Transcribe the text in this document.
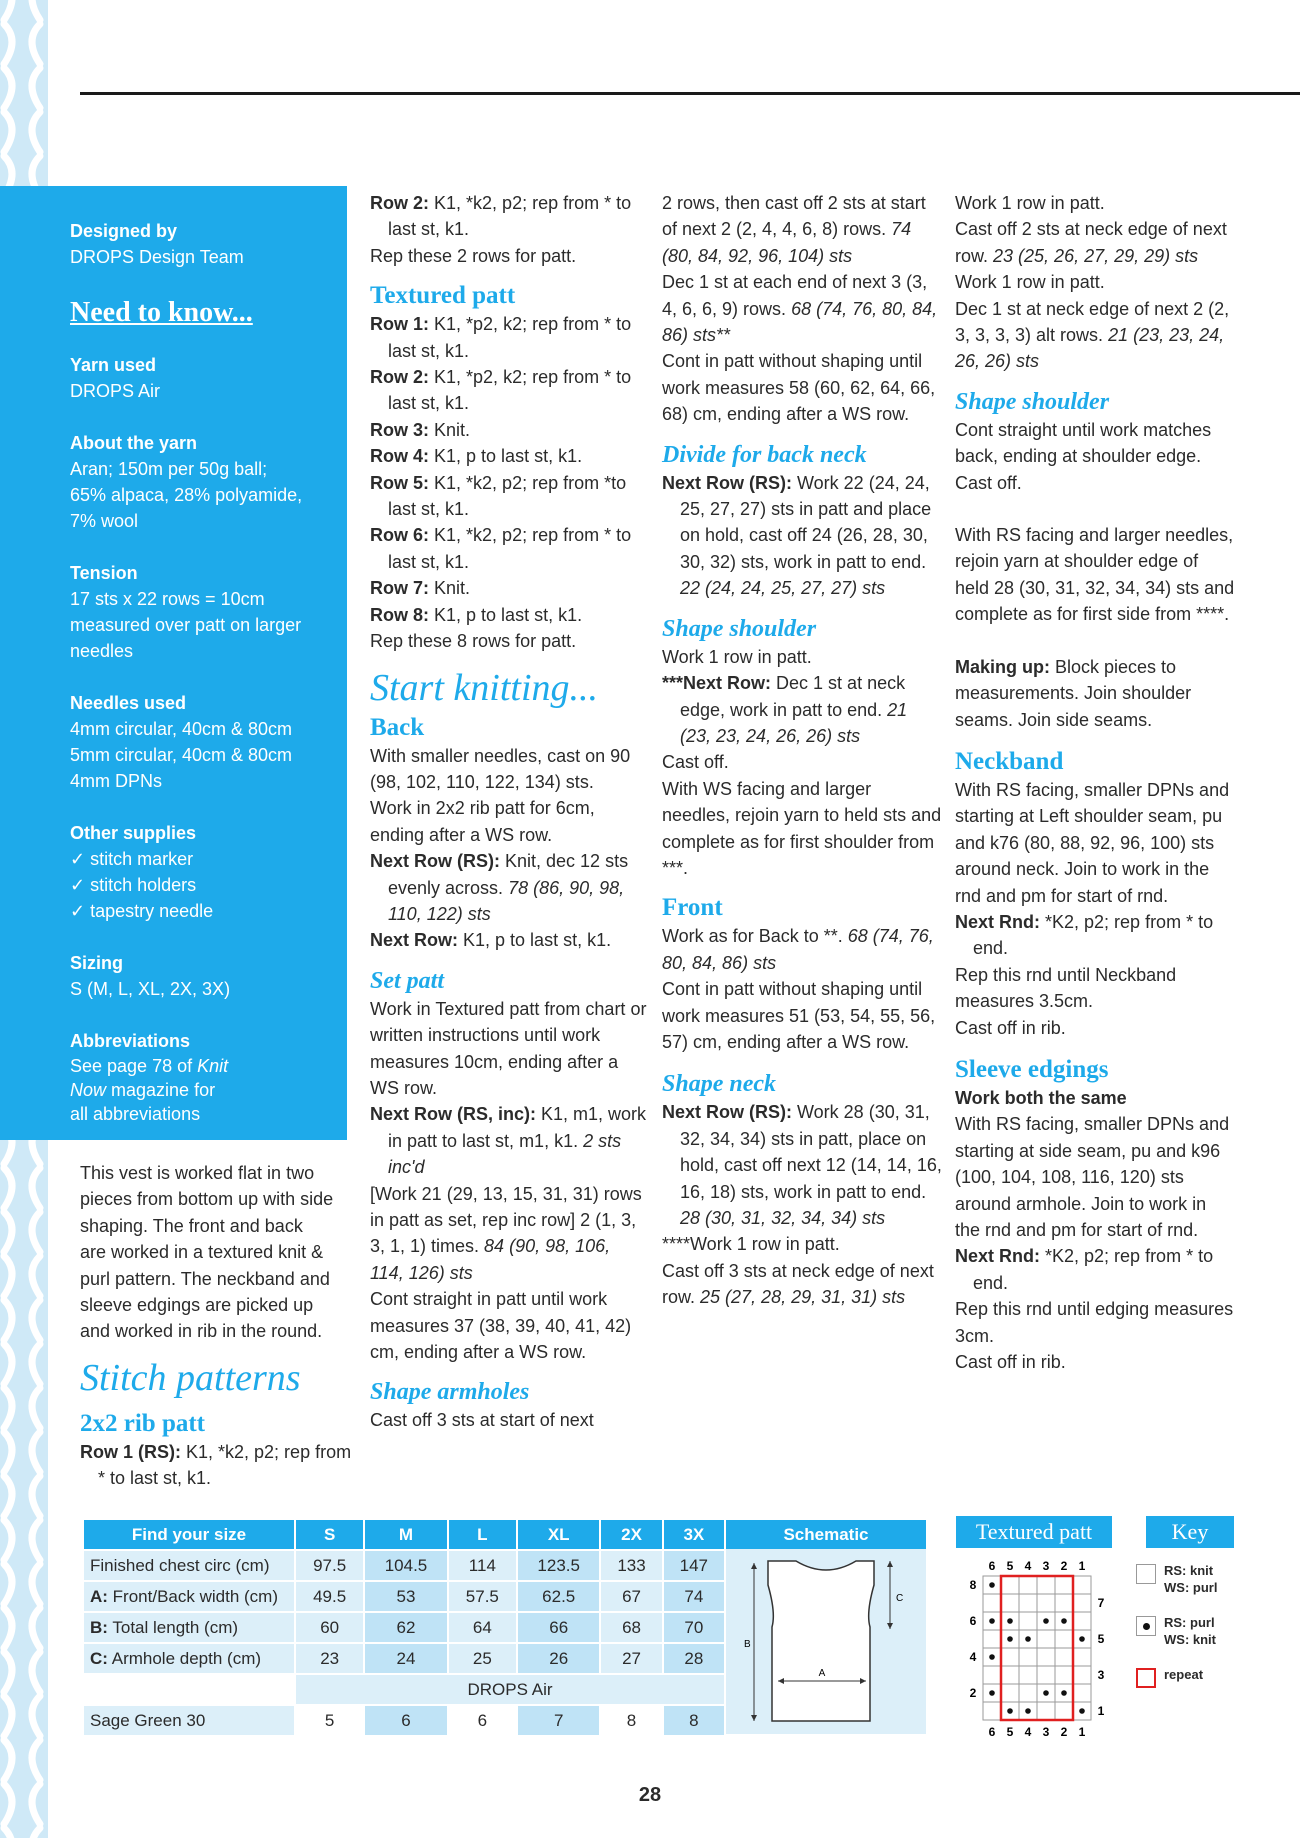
Designed by
DROPS Design Team
Need to know...
Yarn used
DROPS Air
About the yarn
Aran; 150m per 50g ball;
65% alpaca, 28% polyamide,
7% wool
Tension
17 sts x 22 rows = 10cm
measured over patt on larger
needles
Needles used
4mm circular, 40cm & 80cm
5mm circular, 40cm & 80cm
4mm DPNs
Other supplies
✓ stitch marker
✓ stitch holders
✓ tapestry needle
Sizing
S (M, L, XL, 2X, 3X)
Abbreviations
See page 78 of Knit
Now magazine for
all abbreviations

This vest is worked flat in two

pieces from bottom up with side

shaping. The front and back

are worked in a textured knit &

purl pattern. The neckband and

sleeve edgings are picked up

and worked in rib in the round.

Stitch patterns
2x2 rib patt

Row 1 (RS): K1, *k2, p2; rep from * to last st, k1.

Row 2: K1, *k2, p2; rep from * to last st, k1.

Rep these 2 rows for patt.

Textured patt

Row 1: K1, *p2, k2; rep from * to last st, k1.

Row 2: K1, *p2, k2; rep from * to last st, k1.

Row 3: Knit.

Row 4: K1, p to last st, k1.

Row 5: K1, *k2, p2; rep from *to last st, k1.

Row 6: K1, *k2, p2; rep from * to last st, k1.

Row 7: Knit.

Row 8: K1, p to last st, k1.

Rep these 8 rows for patt.

Start knitting...
Back

With smaller needles, cast on 90 (98, 102, 110, 122, 134) sts.

Work in 2x2 rib patt for 6cm, ending after a WS row.

Next Row (RS): Knit, dec 12 sts evenly across. 78 (86, 90, 98, 110, 122) sts

Next Row: K1, p to last st, k1.

Set patt

Work in Textured patt from chart or written instructions until work measures 10cm, ending after a WS row.

Next Row (RS, inc): K1, m1, work in patt to last st, m1, k1. 2 sts inc'd

[Work 21 (29, 13, 15, 31, 31) rows in patt as set, rep inc row] 2 (1, 3, 3, 1, 1) times. 84 (90, 98, 106, 114, 126) sts

Cont straight in patt until work measures 37 (38, 39, 40, 41, 42) cm, ending after a WS row.

Shape armholes

Cast off 3 sts at start of next

2 rows, then cast off 2 sts at start of next 2 (2, 4, 4, 6, 8) rows. 74 (80, 84, 92, 96, 104) sts

Dec 1 st at each end of next 3 (3, 4, 6, 6, 9) rows. 68 (74, 76, 80, 84, 86) sts**

Cont in patt without shaping until work measures 58 (60, 62, 64, 66, 68) cm, ending after a WS row.

Divide for back neck

Next Row (RS): Work 22 (24, 24, 25, 27, 27) sts in patt and place on hold, cast off 24 (26, 28, 30, 30, 32) sts, work in patt to end. 22 (24, 24, 25, 27, 27) sts

Shape shoulder

Work 1 row in patt.

***Next Row: Dec 1 st at neck edge, work in patt to end. 21 (23, 23, 24, 26, 26) sts

Cast off.

With WS facing and larger needles, rejoin yarn to held sts and complete as for first shoulder from ***.

Front

Work as for Back to **. 68 (74, 76, 80, 84, 86) sts

Cont in patt without shaping until work measures 51 (53, 54, 55, 56, 57) cm, ending after a WS row.

Shape neck

Next Row (RS): Work 28 (30, 31, 32, 34, 34) sts in patt, place on hold, cast off next 12 (14, 14, 16, 16, 18) sts, work in patt to end. 28 (30, 31, 32, 34, 34) sts

****Work 1 row in patt.

Cast off 3 sts at neck edge of next row. 25 (27, 28, 29, 31, 31) sts

Work 1 row in patt.

Cast off 2 sts at neck edge of next row. 23 (25, 26, 27, 29, 29) sts

Work 1 row in patt.

Dec 1 st at neck edge of next 2 (2, 3, 3, 3, 3) alt rows. 21 (23, 23, 24, 26, 26) sts

Shape shoulder

Cont straight until work matches back, ending at shoulder edge. Cast off.

With RS facing and larger needles, rejoin yarn at shoulder edge of held 28 (30, 31, 32, 34, 34) sts and complete as for first side from ****.

Making up: Block pieces to measurements. Join shoulder seams. Join side seams.

Neckband

With RS facing, smaller DPNs and starting at Left shoulder seam, pu and k76 (80, 88, 92, 96, 100) sts around neck. Join to work in the rnd and pm for start of rnd.

Next Rnd: *K2, p2; rep from * to end.

Rep this rnd until Neckband measures 3.5cm.

Cast off in rib.

Sleeve edgings

Work both the same

With RS facing, smaller DPNs and starting at side seam, pu and k96 (100, 104, 108, 116, 120) sts around armhole. Join to work in the rnd and pm for start of rnd.

Next Rnd: *K2, p2; rep from * to end.

Rep this rnd until edging measures 3cm.

Cast off in rib.

Find your size	S	M	L	XL	2X	3X
Finished chest circ (cm)	97.5	104.5	114	123.5	133	147
A: Front/Back width (cm)	49.5	53	57.5	62.5	67	74
B: Total length (cm)	60	62	64	66	68	70
C: Armhole depth (cm)	23	24	25	26	27	28
	DROPS Air					
Sage Green 30	5	6	6	7	8	8
Schematic
A
B
C
Textured patt
6
6
5
5
4
4
3
3
2
2
1
1
8
6
4
2
7
5
3
1
Key
RS: knit
WS: purl
RS: purl
WS: knit
repeat
28
